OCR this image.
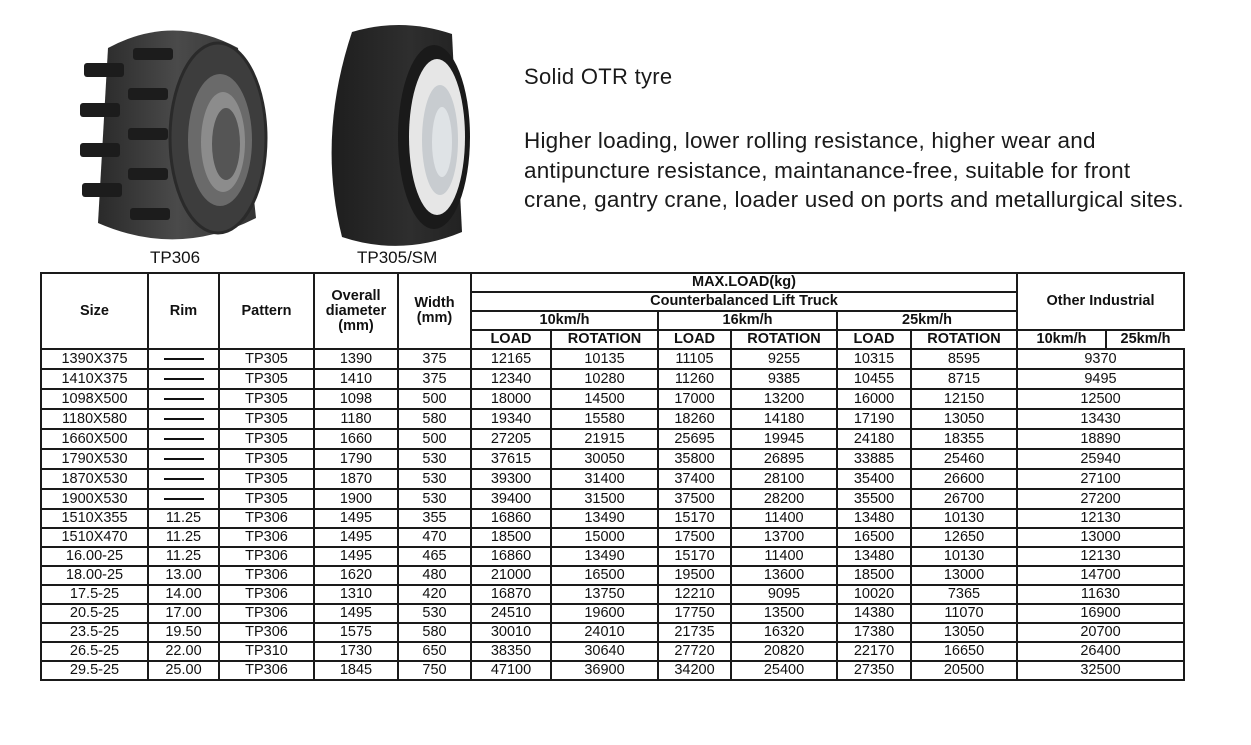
TP306	TP305/SM
Solid OTR tyre
Higher loading, lower rolling resistance, higher wear and antipuncture resistance, maintanance-free, suitable for front crane, gantry crane, loader used on ports and metallurgical sites.
Size	Rim	Pattern	Overall diameter (mm)	Width (mm)	MAX.LOAD(kg)						Other Industrial	
					Counterbalanced Lift Truck							
					10km/h		16km/h		25km/h			
					LOAD	ROTATION	LOAD	ROTATION	LOAD	ROTATION	10km/h	25km/h
1390X375		TP305	1390	375	12165	10135	11105	9255	10315	8595	9370	
1410X375		TP305	1410	375	12340	10280	11260	9385	10455	8715	9495	
1098X500		TP305	1098	500	18000	14500	17000	13200	16000	12150	12500	
1180X580		TP305	1180	580	19340	15580	18260	14180	17190	13050	13430	
1660X500		TP305	1660	500	27205	21915	25695	19945	24180	18355	18890	
1790X530		TP305	1790	530	37615	30050	35800	26895	33885	25460	25940	
1870X530		TP305	1870	530	39300	31400	37400	28100	35400	26600	27100	
1900X530		TP305	1900	530	39400	31500	37500	28200	35500	26700	27200	
1510X355	11.25	TP306	1495	355	16860	13490	15170	11400	13480	10130	12130	
1510X470	11.25	TP306	1495	470	18500	15000	17500	13700	16500	12650	13000	
16.00-25	11.25	TP306	1495	465	16860	13490	15170	11400	13480	10130	12130	
18.00-25	13.00	TP306	1620	480	21000	16500	19500	13600	18500	13000	14700	
17.5-25	14.00	TP306	1310	420	16870	13750	12210	9095	10020	7365	11630	
20.5-25	17.00	TP306	1495	530	24510	19600	17750	13500	14380	11070	16900	
23.5-25	19.50	TP306	1575	580	30010	24010	21735	16320	17380	13050	20700	
26.5-25	22.00	TP310	1730	650	38350	30640	27720	20820	22170	16650	26400	
29.5-25	25.00	TP306	1845	750	47100	36900	34200	25400	27350	20500	32500	
